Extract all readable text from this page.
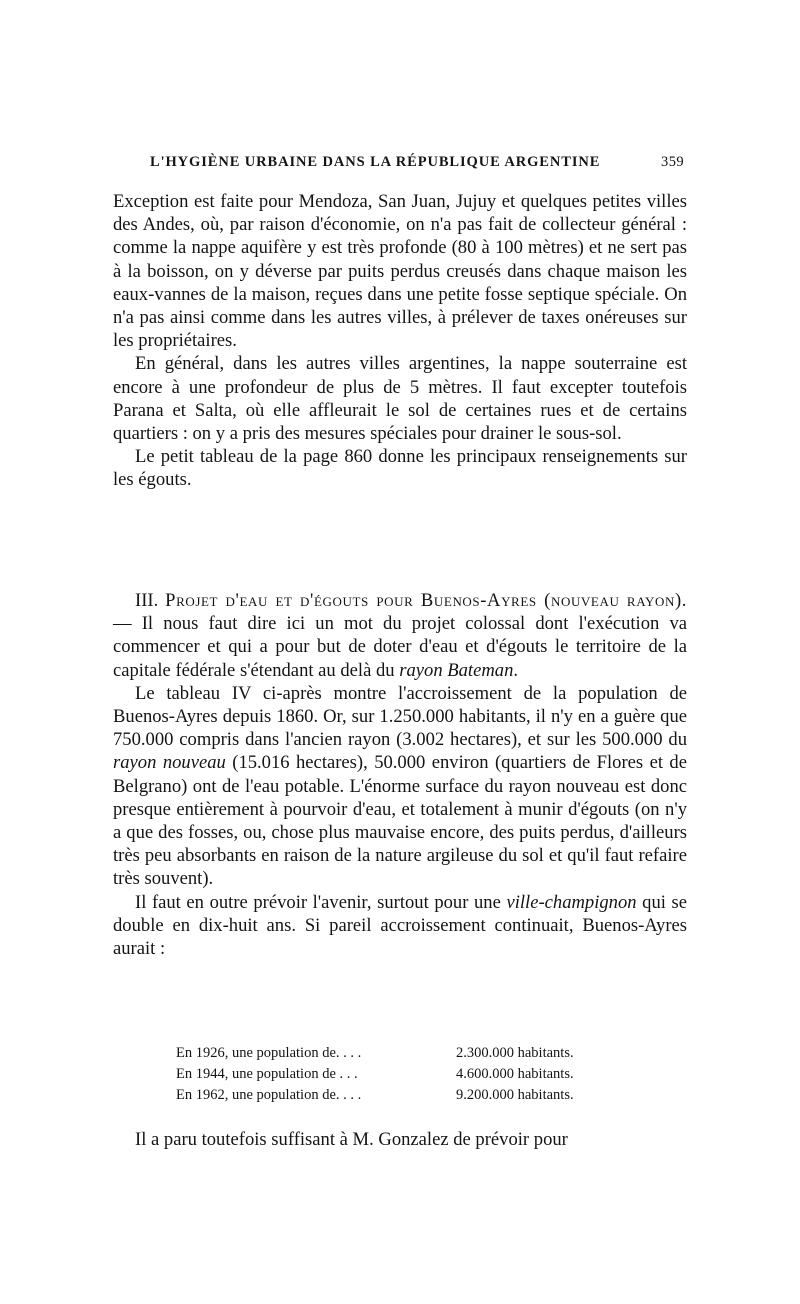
L'HYGIÈNE URBAINE DANS LA RÉPUBLIQUE ARGENTINE	359

Exception est faite pour Mendoza, San Juan, Jujuy et quelques petites villes des Andes, où, par raison d'économie, on n'a pas fait de collecteur général : comme la nappe aquifère y est très profonde (80 à 100 mètres) et ne sert pas à la boisson, on y déverse par puits perdus creusés dans chaque maison les eaux-vannes de la maison, reçues dans une petite fosse septique spéciale. On n'a pas ainsi comme dans les autres villes, à prélever de taxes onéreuses sur les propriétaires.

En général, dans les autres villes argentines, la nappe souterraine est encore à une profondeur de plus de 5 mètres. Il faut excepter toutefois Parana et Salta, où elle affleurait le sol de certaines rues et de certains quartiers : on y a pris des mesures spéciales pour drainer le sous-sol.

Le petit tableau de la page 860 donne les principaux renseignements sur les égouts.

III. Projet d'eau et d'égouts pour Buenos-Ayres (nouveau rayon). — Il nous faut dire ici un mot du projet colossal dont l'exécution va commencer et qui a pour but de doter d'eau et d'égouts le territoire de la capitale fédérale s'étendant au delà du rayon Bateman.

Le tableau IV ci-après montre l'accroissement de la population de Buenos-Ayres depuis 1860. Or, sur 1.250.000 habitants, il n'y en a guère que 750.000 compris dans l'ancien rayon (3.002 hectares), et sur les 500.000 du rayon nouveau (15.016 hectares), 50.000 environ (quartiers de Flores et de Belgrano) ont de l'eau potable. L'énorme surface du rayon nouveau est donc presque entièrement à pourvoir d'eau, et totalement à munir d'égouts (on n'y a que des fosses, ou, chose plus mauvaise encore, des puits perdus, d'ailleurs très peu absorbants en raison de la nature argileuse du sol et qu'il faut refaire très souvent).

Il faut en outre prévoir l'avenir, surtout pour une ville-champignon qui se double en dix-huit ans. Si pareil accroissement continuait, Buenos-Ayres aurait :

En 1926, une population de. . . .	2.300.000 habitants.
En 1944, une population de . . .	4.600.000 habitants.
En 1962, une population de. . . .	9.200.000 habitants.

Il a paru toutefois suffisant à M. Gonzalez de prévoir pour
